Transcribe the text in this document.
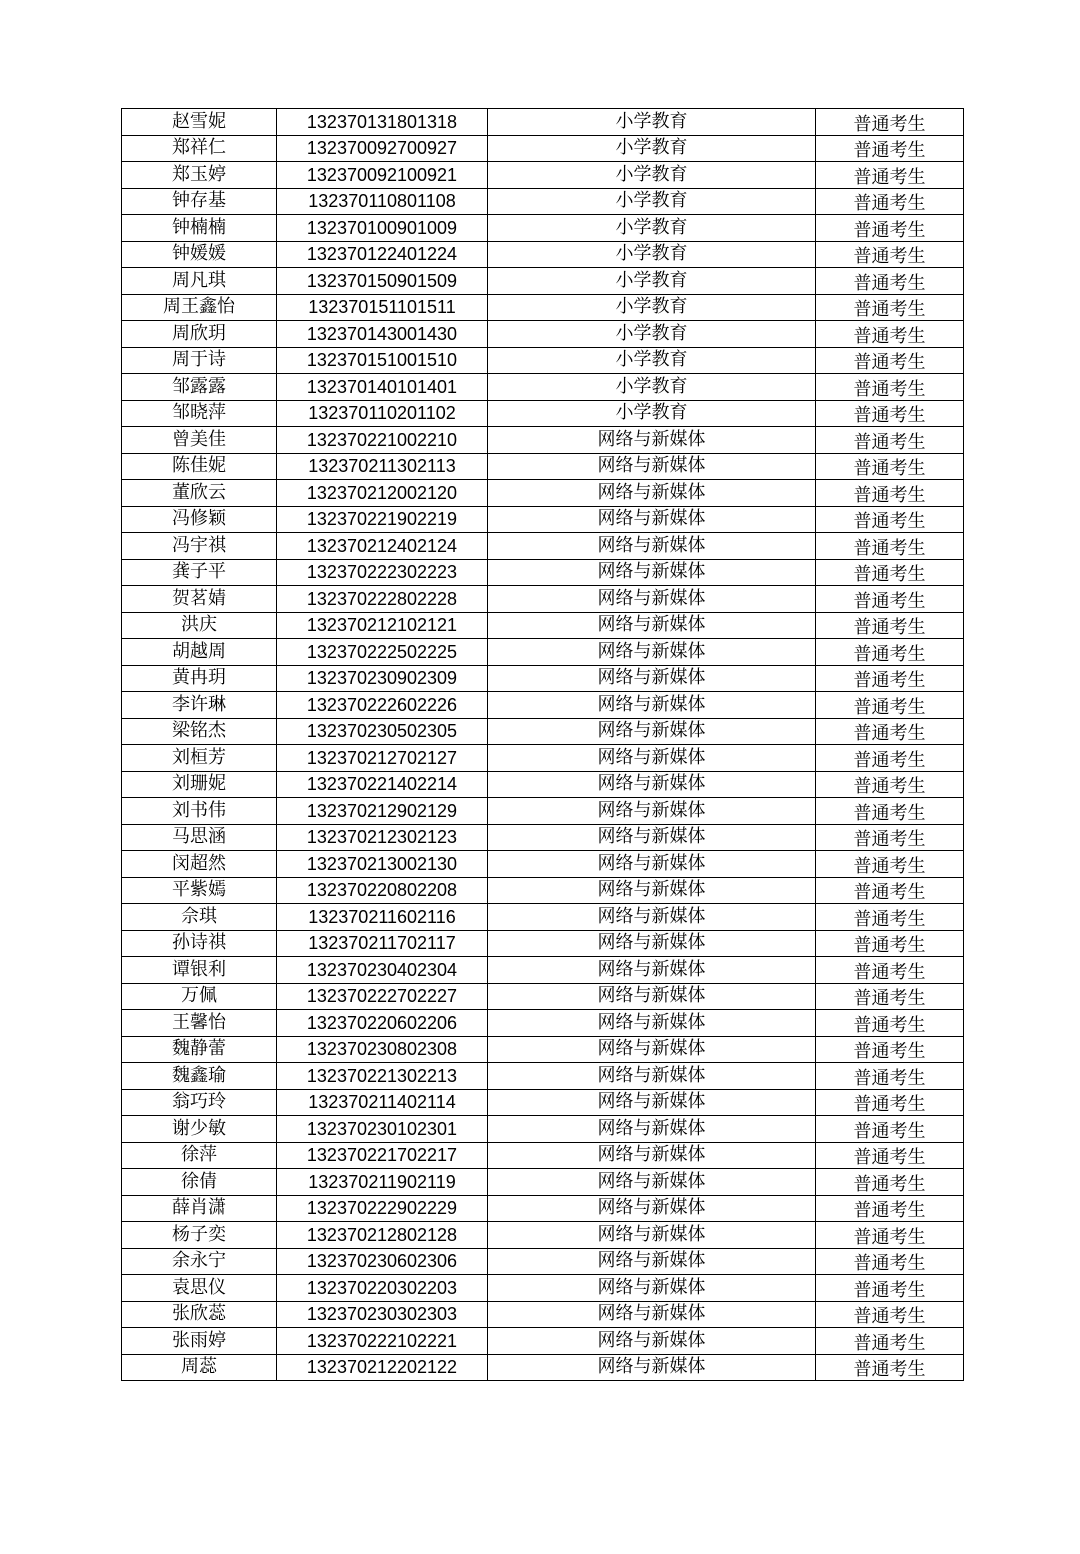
赵雪妮	132370131801318	小学教育	普通考生
郑祥仁	132370092700927	小学教育	普通考生
郑玉婷	132370092100921	小学教育	普通考生
钟存基	132370110801108	小学教育	普通考生
钟楠楠	132370100901009	小学教育	普通考生
钟媛媛	132370122401224	小学教育	普通考生
周凡琪	132370150901509	小学教育	普通考生
周王鑫怡	132370151101511	小学教育	普通考生
周欣玥	132370143001430	小学教育	普通考生
周于诗	132370151001510	小学教育	普通考生
邹露露	132370140101401	小学教育	普通考生
邹晓萍	132370110201102	小学教育	普通考生
曾美佳	132370221002210	网络与新媒体	普通考生
陈佳妮	132370211302113	网络与新媒体	普通考生
董欣云	132370212002120	网络与新媒体	普通考生
冯修颖	132370221902219	网络与新媒体	普通考生
冯宇祺	132370212402124	网络与新媒体	普通考生
龚子平	132370222302223	网络与新媒体	普通考生
贺茗婧	132370222802228	网络与新媒体	普通考生
洪庆	132370212102121	网络与新媒体	普通考生
胡越周	132370222502225	网络与新媒体	普通考生
黄冉玥	132370230902309	网络与新媒体	普通考生
李许琳	132370222602226	网络与新媒体	普通考生
梁铭杰	132370230502305	网络与新媒体	普通考生
刘桓芳	132370212702127	网络与新媒体	普通考生
刘珊妮	132370221402214	网络与新媒体	普通考生
刘书伟	132370212902129	网络与新媒体	普通考生
马思涵	132370212302123	网络与新媒体	普通考生
闵超然	132370213002130	网络与新媒体	普通考生
平紫嫣	132370220802208	网络与新媒体	普通考生
佘琪	132370211602116	网络与新媒体	普通考生
孙诗祺	132370211702117	网络与新媒体	普通考生
谭银利	132370230402304	网络与新媒体	普通考生
万佩	132370222702227	网络与新媒体	普通考生
王馨怡	132370220602206	网络与新媒体	普通考生
魏静蕾	132370230802308	网络与新媒体	普通考生
魏鑫瑜	132370221302213	网络与新媒体	普通考生
翁巧玲	132370211402114	网络与新媒体	普通考生
谢少敏	132370230102301	网络与新媒体	普通考生
徐萍	132370221702217	网络与新媒体	普通考生
徐倩	132370211902119	网络与新媒体	普通考生
薛肖潇	132370222902229	网络与新媒体	普通考生
杨子奕	132370212802128	网络与新媒体	普通考生
余永宁	132370230602306	网络与新媒体	普通考生
袁思仪	132370220302203	网络与新媒体	普通考生
张欣蕊	132370230302303	网络与新媒体	普通考生
张雨婷	132370222102221	网络与新媒体	普通考生
周蕊	132370212202122	网络与新媒体	普通考生
